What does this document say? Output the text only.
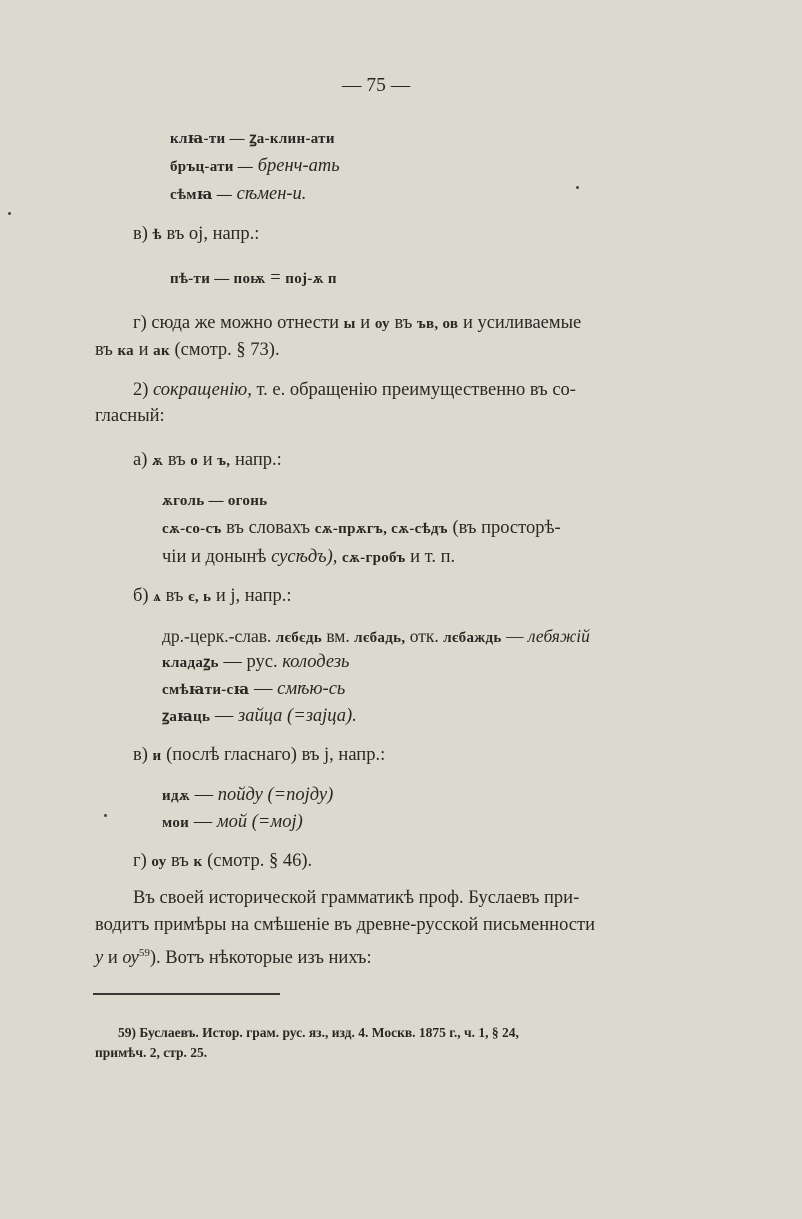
— 75 —
клꙗ-ти — ꙁа-клин-ати
бръц-ати — бренч-ать
сѣмꙗ — сѣмен-и.
в) ѣ въ оj, напр.:
пѣ-ти — поѭ = поj-ѫ п
г) сюда же можно отнести ы и оу въ ъв, ов и усиливаемые
въ ка и ак (смотр. § 73).
2) сокращенiю, т. е. обращенiю преимущественно въ со-
гласный:
а) ѫ въ о и ъ, напр.:
ѫголь — огонь
сѫ-со-съ въ словахъ сѫ-прѫгъ, сѫ-сѣдъ (въ просторѣ-
чiи и донынѣ сусѣдъ), сѫ-гробъ и т. п.
б) ѧ въ є, ь и j, напр.:
др.-церк.-слав. лєбєдь вм. лєбадь, отк. лєбаждь — лебяжiй
кладаꙁь — рус. колодезь
смѣꙗти-сꙗ — смѣю-сь
ꙁаꙗць — зайца (=заjца).
в) и (послѣ гласнаго) въ j, напр.:
идѫ — пойду (=поjду)
мои — мой (=моj)
г) оу въ к (смотр. § 46).
Въ своей исторической грамматикѣ проф. Буслаевъ при-
водитъ примѣры на смѣшенiе въ древне-русской письменности
у и $ѹ^{59}$). Вотъ нѣкоторые изъ нихъ:
59) Буслаевъ. Истор. грам. рус. яз., изд. 4. Москв. 1875 г., ч. 1, § 24,
примѣч. 2, стр. 25.
